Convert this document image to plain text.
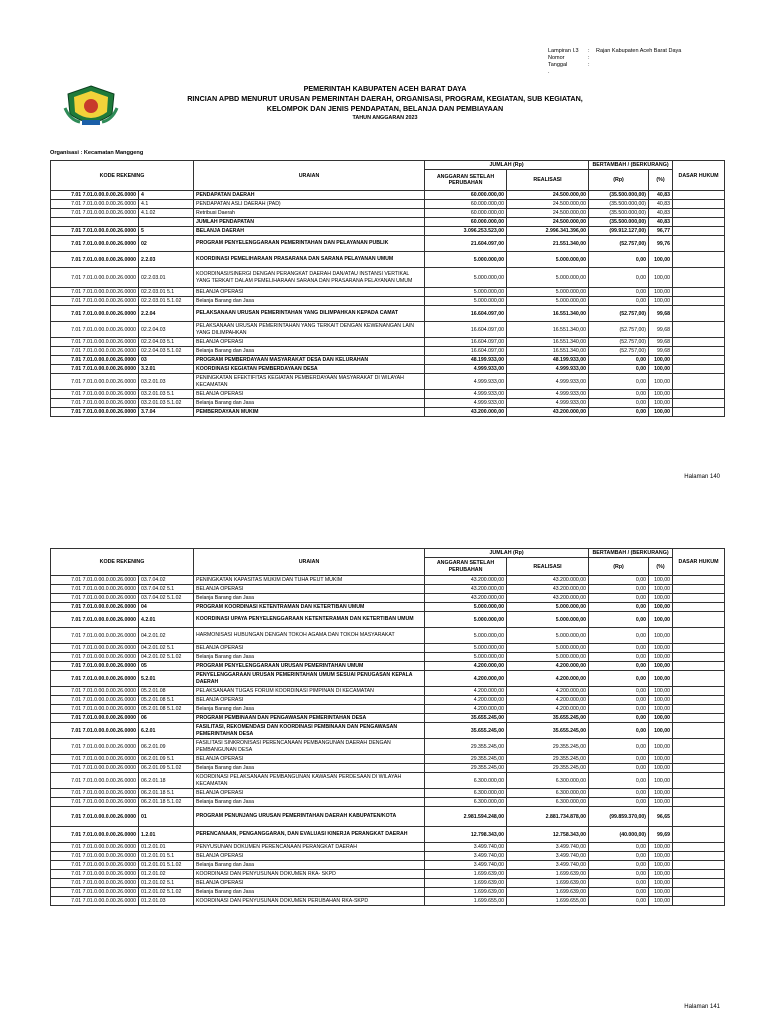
Lampiran I.3	:	Rajan Kabupaten Aceh Barat Daya
Nomor	:
Tanggal	:
.
PEMERINTAH KABUPATEN ACEH BARAT DAYA
RINCIAN APBD MENURUT URUSAN PEMERINTAH DAERAH, ORGANISASI, PROGRAM, KEGIATAN, SUB KEGIATAN,
KELOMPOK DAN JENIS PENDAPATAN, BELANJA DAN PEMBIAYAAN
TAHUN ANGGARAN 2023
Organisasi : Kecamatan Manggeng
KODE REKENING		URAIAN	JUMLAH (Rp)		BERTAMBAH / (BERKURANG)		DASAR HUKUM
			ANGGARAN SETELAH PERUBAHAN	REALISASI	(Rp)	(%)	
7.01 7.01.0.00.0.00.26.0000	4	PENDAPATAN DAERAH	60.000.000,00	24.500.000,00	(35.500.000,00)	40,83	
7.01 7.01.0.00.0.00.26.0000	4.1	PENDAPATAN ASLI DAERAH (PAD)	60.000.000,00	24.500.000,00	(35.500.000,00)	40,83	
7.01 7.01.0.00.0.00.26.0000	4.1.02	Retribusi Daerah	60.000.000,00	24.500.000,00	(35.500.000,00)	40,83	
		JUMLAH PENDAPATAN	60.000.000,00	24.500.000,00	(35.500.000,00)	40,83	
7.01 7.01.0.00.0.00.26.0000	5	BELANJA DAERAH	3.096.253.523,00	2.996.341.396,00	(99.912.127,00)	96,77	
7.01 7.01.0.00.0.00.26.0000	02	PROGRAM PENYELENGGARAAN PEMERINTAHAN DAN PELAYANAN PUBLIK	21.604.097,00	21.551.340,00	(52.757,00)	99,76	
7.01 7.01.0.00.0.00.26.0000	2.2.03	KOORDINASI PEMELIHARAAN PRASARANA DAN SARANA PELAYANAN UMUM	5.000.000,00	5.000.000,00	0,00	100,00	
7.01 7.01.0.00.0.00.26.0000	02.2.03.01	KOORDINASI/SINERGI DENGAN PERANGKAT DAERAH DAN/ATAU INSTANSI VERTIKAL YANG TERKAIT DALAM PEMELIHARAAN SARANA DAN PRASARANA PELAYANAN UMUM	5.000.000,00	5.000.000,00	0,00	100,00	
7.01 7.01.0.00.0.00.26.0000	02.2.03.01 5.1	BELANJA OPERASI	5.000.000,00	5.000.000,00	0,00	100,00	
7.01 7.01.0.00.0.00.26.0000	02.2.03.01 5.1.02	Belanja Barang dan Jasa	5.000.000,00	5.000.000,00	0,00	100,00	
7.01 7.01.0.00.0.00.26.0000	2.2.04	PELAKSANAAN URUSAN PEMERINTAHAN YANG DILIMPAHKAN KEPADA CAMAT	16.604.097,00	16.551.340,00	(52.757,00)	99,68	
7.01 7.01.0.00.0.00.26.0000	02.2.04.03	PELAKSANAAN URUSAN PEMERINTAHAN YANG TERKAIT DENGAN KEWENANGAN LAIN YANG DILIMPAHKAN	16.604.097,00	16.551.340,00	(52.757,00)	99,68	
7.01 7.01.0.00.0.00.26.0000	02.2.04.03 5.1	BELANJA OPERASI	16.604.097,00	16.551.340,00	(52.757,00)	99,68	
7.01 7.01.0.00.0.00.26.0000	02.2.04.03 5.1.02	Belanja Barang dan Jasa	16.604.097,00	16.551.340,00	(52.757,00)	99,68	
7.01 7.01.0.00.0.00.26.0000	03	PROGRAM PEMBERDAYAAN MASYARAKAT DESA DAN KELURAHAN	48.199.933,00	48.199.933,00	0,00	100,00	
7.01 7.01.0.00.0.00.26.0000	3.2.01	KOORDINASI KEGIATAN PEMBERDAYAAN DESA	4.999.933,00	4.999.933,00	0,00	100,00	
7.01 7.01.0.00.0.00.26.0000	03.2.01.03	PENINGKATAN EFEKTIFITAS KEGIATAN PEMBERDAYAAN MASYARAKAT DI WILAYAH KECAMATAN	4.999.933,00	4.999.933,00	0,00	100,00	
7.01 7.01.0.00.0.00.26.0000	03.2.01.03 5.1	BELANJA OPERASI	4.999.933,00	4.999.933,00	0,00	100,00	
7.01 7.01.0.00.0.00.26.0000	03.2.01.03 5.1.02	Belanja Barang dan Jasa	4.999.933,00	4.999.933,00	0,00	100,00	
7.01 7.01.0.00.0.00.26.0000	3.7.04	PEMBERDAYAAN MUKIM	43.200.000,00	43.200.000,00	0,00	100,00	
Halaman 140
KODE REKENING		URAIAN	JUMLAH (Rp)		BERTAMBAH / (BERKURANG)		DASAR HUKUM
			ANGGARAN SETELAH PERUBAHAN	REALISASI	(Rp)	(%)	
7.01 7.01.0.00.0.00.26.0000	03.7.04.02	PENINGKATAN KAPASITAS MUKIM DAN TUHA PEUT MUKIM	43.200.000,00	43.200.000,00	0,00	100,00	
7.01 7.01.0.00.0.00.26.0000	03.7.04.02 5.1	BELANJA OPERASI	43.200.000,00	43.200.000,00	0,00	100,00	
7.01 7.01.0.00.0.00.26.0000	03.7.04.02 5.1.02	Belanja Barang dan Jasa	43.200.000,00	43.200.000,00	0,00	100,00	
7.01 7.01.0.00.0.00.26.0000	04	PROGRAM KOORDINASI KETENTRAMAN DAN KETERTIBAN UMUM	5.000.000,00	5.000.000,00	0,00	100,00	
7.01 7.01.0.00.0.00.26.0000	4.2.01	KOORDINASI UPAYA PENYELENGGARAAN KETENTERAMAN DAN KETERTIBAN UMUM	5.000.000,00	5.000.000,00	0,00	100,00	
7.01 7.01.0.00.0.00.26.0000	04.2.01.02	HARMONISASI HUBUNGAN DENGAN TOKOH AGAMA DAN TOKOH MASYARAKAT	5.000.000,00	5.000.000,00	0,00	100,00	
7.01 7.01.0.00.0.00.26.0000	04.2.01.02 5.1	BELANJA OPERASI	5.000.000,00	5.000.000,00	0,00	100,00	
7.01 7.01.0.00.0.00.26.0000	04.2.01.02 5.1.02	Belanja Barang dan Jasa	5.000.000,00	5.000.000,00	0,00	100,00	
7.01 7.01.0.00.0.00.26.0000	05	PROGRAM PENYELENGGARAAN URUSAN PEMERINTAHAN UMUM	4.200.000,00	4.200.000,00	0,00	100,00	
7.01 7.01.0.00.0.00.26.0000	5.2.01	PENYELENGGARAAN URUSAN PEMERINTAHAN UMUM SESUAI PENUGASAN KEPALA DAERAH	4.200.000,00	4.200.000,00	0,00	100,00	
7.01 7.01.0.00.0.00.26.0000	05.2.01.08	PELAKSANAAN TUGAS FORUM KOORDINASI PIMPINAN DI KECAMATAN	4.200.000,00	4.200.000,00	0,00	100,00	
7.01 7.01.0.00.0.00.26.0000	05.2.01.08 5.1	BELANJA OPERASI	4.200.000,00	4.200.000,00	0,00	100,00	
7.01 7.01.0.00.0.00.26.0000	05.2.01.08 5.1.02	Belanja Barang dan Jasa	4.200.000,00	4.200.000,00	0,00	100,00	
7.01 7.01.0.00.0.00.26.0000	06	PROGRAM PEMBINAAN DAN PENGAWASAN PEMERINTAHAN DESA	35.655.245,00	35.655.245,00	0,00	100,00	
7.01 7.01.0.00.0.00.26.0000	6.2.01	FASILITASI, REKOMENDASI DAN KOORDINASI PEMBINAAN DAN PENGAWASAN PEMERINTAHAN DESA	35.655.245,00	35.655.245,00	0,00	100,00	
7.01 7.01.0.00.0.00.26.0000	06.2.01.09	FASILITASI SINKRONISASI PERENCANAAN PEMBANGUNAN DAERAH DENGAN PEMBANGUNAN DESA	29.355.245,00	29.355.245,00	0,00	100,00	
7.01 7.01.0.00.0.00.26.0000	06.2.01.09 5.1	BELANJA OPERASI	29.355.245,00	29.355.245,00	0,00	100,00	
7.01 7.01.0.00.0.00.26.0000	06.2.01.09 5.1.02	Belanja Barang dan Jasa	29.355.245,00	29.355.245,00	0,00	100,00	
7.01 7.01.0.00.0.00.26.0000	06.2.01.18	KOORDINASI PELAKSANAAN PEMBANGUNAN KAWASAN PERDESAAN DI WILAYAH KECAMATAN	6.300.000,00	6.300.000,00	0,00	100,00	
7.01 7.01.0.00.0.00.26.0000	06.2.01.18 5.1	BELANJA OPERASI	6.300.000,00	6.300.000,00	0,00	100,00	
7.01 7.01.0.00.0.00.26.0000	06.2.01.18 5.1.02	Belanja Barang dan Jasa	6.300.000,00	6.300.000,00	0,00	100,00	
7.01 7.01.0.00.0.00.26.0000	01	PROGRAM PENUNJANG URUSAN PEMERINTAHAN DAERAH KABUPATEN/KOTA	2.981.594.248,00	2.881.734.878,00	(99.859.370,00)	96,65	
7.01 7.01.0.00.0.00.26.0000	1.2.01	PERENCANAAN, PENGANGGARAN, DAN EVALUASI KINERJA PERANGKAT DAERAH	12.798.343,00	12.758.343,00	(40.000,00)	99,69	
7.01 7.01.0.00.0.00.26.0000	01.2.01.01	PENYUSUNAN DOKUMEN PERENCANAAN PERANGKAT DAERAH	3.499.740,00	3.499.740,00	0,00	100,00	
7.01 7.01.0.00.0.00.26.0000	01.2.01.01 5.1	BELANJA OPERASI	3.499.740,00	3.499.740,00	0,00	100,00	
7.01 7.01.0.00.0.00.26.0000	01.2.01.01 5.1.02	Belanja Barang dan Jasa	3.499.740,00	3.499.740,00	0,00	100,00	
7.01 7.01.0.00.0.00.26.0000	01.2.01.02	KOORDINASI DAN PENYUSUNAN DOKUMEN RKA- SKPD	1.699.639,00	1.699.639,00	0,00	100,00	
7.01 7.01.0.00.0.00.26.0000	01.2.01.02 5.1	BELANJA OPERASI	1.699.639,00	1.699.639,00	0,00	100,00	
7.01 7.01.0.00.0.00.26.0000	01.2.01.02 5.1.02	Belanja Barang dan Jasa	1.699.639,00	1.699.639,00	0,00	100,00	
7.01 7.01.0.00.0.00.26.0000	01.2.01.03	KOORDINASI DAN PENYUSUNAN DOKUMEN PERUBAHAN RKA-SKPD	1.699.655,00	1.699.655,00	0,00	100,00	
Halaman 141
